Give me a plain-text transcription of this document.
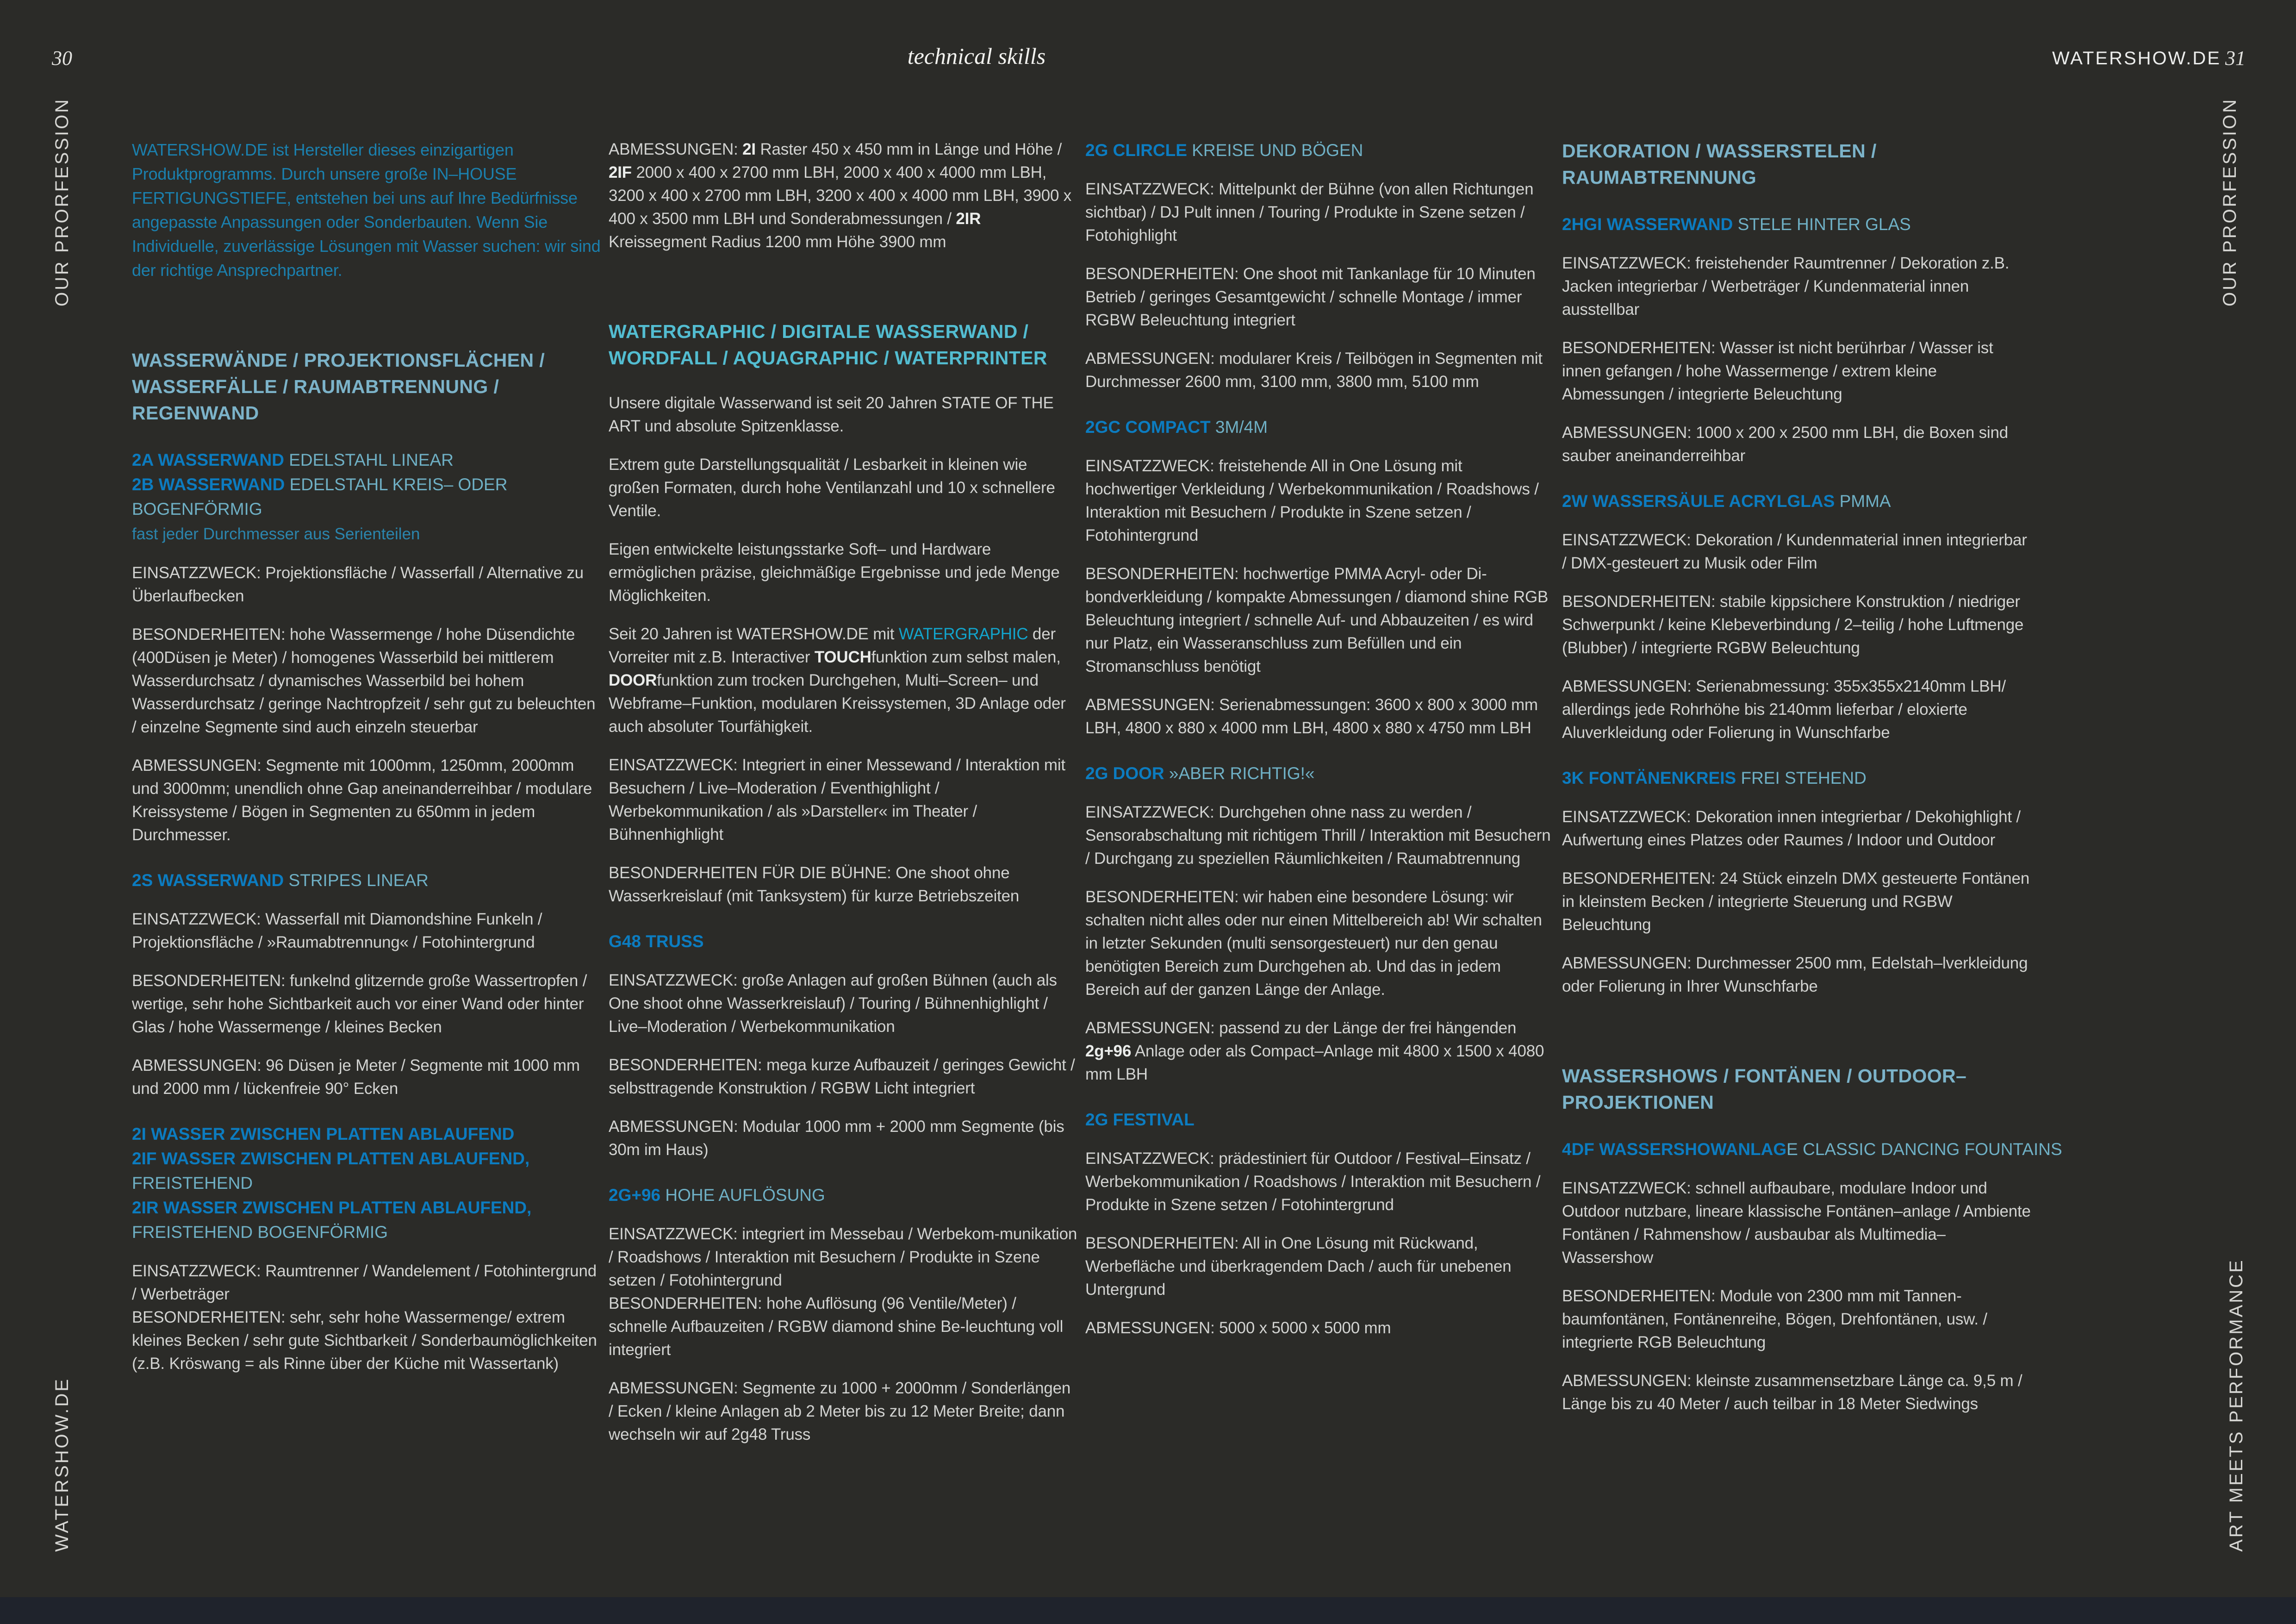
30	technical skills	WATERSHOW.DE 31
OUR PRORFESSION
WATERSHOW.DE
OUR PRORFESSION
ART MEETS PERFORMANCE
WATERSHOW.DE ist Hersteller dieses einzigartigen Produktprogramms. Durch unsere große IN–HOUSE FERTIGUNGSTIEFE, entstehen bei uns auf Ihre Bedürfnisse angepasste Anpassungen oder Sonderbauten. Wenn Sie Individuelle, zuverlässige Lösungen mit Wasser suchen: wir sind der richtige Ansprechpartner.
WASSERWÄNDE / PROJEKTIONSFLÄCHEN / WASSERFÄLLE / RAUMABTRENNUNG / REGENWAND
2A WASSERWAND EDELSTAHL LINEAR
2B WASSERWAND EDELSTAHL KREIS– ODER BOGENFÖRMIG
fast jeder Durchmesser aus Serienteilen
EINSATZZWECK: Projektionsfläche / Wasserfall / Alternative zu Überlaufbecken
BESONDERHEITEN: hohe Wassermenge / hohe Düsendichte (400Düsen je Meter) / homogenes Wasserbild bei mittlerem Wasserdurchsatz / dynamisches Wasserbild bei hohem Wasserdurchsatz / geringe Nachtropfzeit / sehr gut zu beleuchten / einzelne Segmente sind auch einzeln steuerbar
ABMESSUNGEN: Segmente mit 1000mm, 1250mm, 2000mm und 3000mm; unendlich ohne Gap aneinanderreihbar / modulare Kreissysteme / Bögen in Segmenten zu 650mm in jedem Durchmesser.
2S WASSERWAND STRIPES LINEAR
EINSATZZWECK: Wasserfall mit Diamondshine Funkeln / Projektionsfläche / »Raumabtrennung« / Fotohintergrund
BESONDERHEITEN: funkelnd glitzernde große Wassertropfen / wertige, sehr hohe Sichtbarkeit auch vor einer Wand oder hinter Glas / hohe Wassermenge / kleines Becken
ABMESSUNGEN: 96 Düsen je Meter / Segmente mit 1000 mm und 2000 mm / lückenfreie 90° Ecken
2I WASSER ZWISCHEN PLATTEN ABLAUFEND
2IF WASSER ZWISCHEN PLATTEN ABLAUFEND,
FREISTEHEND
2IR WASSER ZWISCHEN PLATTEN ABLAUFEND,
FREISTEHEND BOGENFÖRMIG
EINSATZZWECK: Raumtrenner / Wandelement / Fotohintergrund / Werbeträger
BESONDERHEITEN: sehr, sehr hohe Wassermenge/ extrem kleines Becken / sehr gute Sichtbarkeit / Sonderbaumöglichkeiten
(z.B. Kröswang = als Rinne über der Küche mit Wassertank)
ABMESSUNGEN: 2I Raster 450 x 450 mm in Länge und Höhe / 2IF 2000 x 400 x 2700 mm LBH, 2000 x 400 x 4000 mm LBH, 3200 x 400 x 2700 mm LBH, 3200 x 400 x 4000 mm LBH, 3900 x 400 x 3500 mm LBH und Sonderabmessungen / 2IR Kreissegment Radius 1200 mm Höhe 3900 mm
WATERGRAPHIC / DIGITALE WASSERWAND / WORDFALL / AQUAGRAPHIC / WATERPRINTER
Unsere digitale Wasserwand ist seit 20 Jahren STATE OF THE ART und absolute Spitzenklasse.
Extrem gute Darstellungsqualität / Lesbarkeit in kleinen wie großen Formaten, durch hohe Ventilanzahl und 10 x schnellere Ventile.
Eigen entwickelte leistungsstarke Soft– und Hardware ermöglichen präzise, gleichmäßige Ergebnisse und jede Menge Möglichkeiten.
Seit 20 Jahren ist WATERSHOW.DE mit WATERGRAPHIC der Vorreiter mit z.B. Interactiver TOUCHfunktion zum selbst malen, DOORfunktion zum trocken Durchgehen, Multi–Screen– und Webframe–Funktion, modularen Kreissystemen, 3D Anlage oder auch absoluter Tourfähigkeit.
EINSATZZWECK: Integriert in einer Messewand / Interaktion mit Besuchern / Live–Moderation / Eventhighlight / Werbekommunikation / als »Darsteller« im Theater / Bühnenhighlight
BESONDERHEITEN FÜR DIE BÜHNE: One shoot ohne Wasserkreislauf (mit Tanksystem) für kurze Betriebszeiten
G48 TRUSS
EINSATZZWECK: große Anlagen auf großen Bühnen (auch als One shoot ohne Wasserkreislauf) / Touring / Bühnenhighlight / Live–Moderation / Werbekommunikation
BESONDERHEITEN: mega kurze Aufbauzeit / geringes Gewicht / selbsttragende Konstruktion / RGBW Licht integriert
ABMESSUNGEN: Modular 1000 mm + 2000 mm Segmente (bis 30m im Haus)
2G+96 HOHE AUFLÖSUNG
EINSATZZWECK: integriert im Messebau / Werbekom-munikation / Roadshows / Interaktion mit Besuchern / Produkte in Szene setzen / Fotohintergrund
BESONDERHEITEN: hohe Auflösung (96 Ventile/Meter) / schnelle Aufbauzeiten / RGBW diamond shine Be-leuchtung voll integriert
ABMESSUNGEN: Segmente zu 1000 + 2000mm / Sonderlängen / Ecken / kleine Anlagen ab 2 Meter bis zu 12 Meter Breite; dann wechseln wir auf 2g48 Truss
2G CLIRCLE KREISE UND BÖGEN
EINSATZZWECK: Mittelpunkt der Bühne (von allen Richtungen sichtbar) / DJ Pult innen / Touring / Produkte in Szene setzen / Fotohighlight
BESONDERHEITEN: One shoot mit Tankanlage für 10 Minuten Betrieb / geringes Gesamtgewicht / schnelle Montage / immer RGBW Beleuchtung integriert
ABMESSUNGEN: modularer Kreis / Teilbögen in Segmenten mit Durchmesser 2600 mm, 3100 mm, 3800 mm, 5100 mm
2GC COMPACT 3M/4M
EINSATZZWECK: freistehende All in One Lösung mit hochwertiger Verkleidung / Werbekommunikation / Roadshows / Interaktion mit Besuchern / Produkte in Szene setzen / Fotohintergrund
BESONDERHEITEN: hochwertige PMMA Acryl- oder Di-bondverkleidung / kompakte Abmessungen / diamond shine RGB Beleuchtung integriert / schnelle Auf- und Abbauzeiten / es wird nur Platz, ein Wasseranschluss zum Befüllen und ein Stromanschluss benötigt
ABMESSUNGEN: Serienabmessungen: 3600 x 800 x 3000 mm LBH, 4800 x 880 x 4000 mm LBH, 4800 x 880 x 4750 mm LBH
2G DOOR »ABER RICHTIG!«
EINSATZZWECK: Durchgehen ohne nass zu werden / Sensorabschaltung mit richtigem Thrill / Interaktion mit Besuchern / Durchgang zu speziellen Räumlichkeiten / Raumabtrennung
BESONDERHEITEN: wir haben eine besondere Lösung: wir schalten nicht alles oder nur einen Mittelbereich ab! Wir schalten in letzter Sekunden (multi sensorgesteuert) nur den genau benötigten Bereich zum Durchgehen ab. Und das in jedem Bereich auf der ganzen Länge der Anlage.
ABMESSUNGEN: passend zu der Länge der frei hängenden 2g+96 Anlage oder als Compact–Anlage mit 4800 x 1500 x 4080 mm LBH
2G FESTIVAL
EINSATZZWECK: prädestiniert für Outdoor / Festival–Einsatz / Werbekommunikation / Roadshows / Interaktion mit Besuchern / Produkte in Szene setzen / Fotohintergrund
BESONDERHEITEN: All in One Lösung mit Rückwand, Werbefläche und überkragendem Dach / auch für unebenen Untergrund
ABMESSUNGEN: 5000 x 5000 x 5000 mm
DEKORATION / WASSERSTELEN / RAUMABTRENNUNG
2HGI WASSERWAND STELE HINTER GLAS
EINSATZZWECK: freistehender Raumtrenner / Dekoration z.B. Jacken integrierbar / Werbeträger / Kundenmaterial innen ausstellbar
BESONDERHEITEN: Wasser ist nicht berührbar / Wasser ist innen gefangen / hohe Wassermenge / extrem kleine Abmessungen / integrierte Beleuchtung
ABMESSUNGEN: 1000 x 200 x 2500 mm LBH, die Boxen sind sauber aneinanderreihbar
2W WASSERSÄULE ACRYLGLAS PMMA
EINSATZZWECK: Dekoration / Kundenmaterial innen integrierbar / DMX-gesteuert zu Musik oder Film
BESONDERHEITEN: stabile kippsichere Konstruktion / niedriger Schwerpunkt / keine Klebeverbindung / 2–teilig / hohe Luftmenge (Blubber) / integrierte RGBW Beleuchtung
ABMESSUNGEN: Serienabmessung: 355x355x2140mm LBH/ allerdings jede Rohrhöhe bis 2140mm lieferbar / eloxierte Aluverkleidung oder Folierung in Wunschfarbe
3K FONTÄNENKREIS FREI STEHEND
EINSATZZWECK: Dekoration innen integrierbar / Dekohighlight / Aufwertung eines Platzes oder Raumes / Indoor und Outdoor
BESONDERHEITEN: 24 Stück einzeln DMX gesteuerte Fontänen in kleinstem Becken / integrierte Steuerung und RGBW Beleuchtung
ABMESSUNGEN: Durchmesser 2500 mm, Edelstah–lverkleidung oder Folierung in Ihrer Wunschfarbe
WASSERSHOWS / FONTÄNEN / OUTDOOR–PROJEKTIONEN
4DF WASSERSHOWANLAGE CLASSIC DANCING FOUNTAINS
EINSATZZWECK: schnell aufbaubare, modulare Indoor und Outdoor nutzbare, lineare klassische Fontänen–anlage / Ambiente Fontänen / Rahmenshow / ausbaubar als Multimedia–Wassershow
BESONDERHEITEN: Module von 2300 mm mit Tannen-baumfontänen, Fontänenreihe, Bögen, Drehfontänen, usw. / integrierte RGB Beleuchtung
ABMESSUNGEN: kleinste zusammensetzbare Länge ca. 9,5 m / Länge bis zu 40 Meter / auch teilbar in 18 Meter Siedwings
